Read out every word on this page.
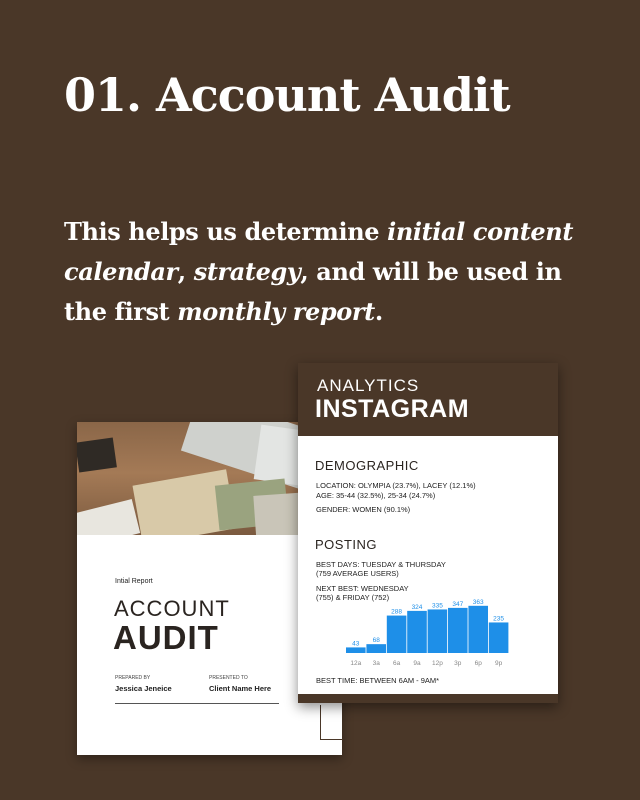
01. Account Audit

This helps us determine initial content calendar, strategy, and will be used in the first monthly report.

Intial Report
ACCOUNT
AUDIT
PREPARED BY	PRESENTED TO
Jessica Jeneice	Client Name Here
ANALYTICS
INSTAGRAM
DEMOGRAPHIC
LOCATION: OLYMPIA (23.7%), LACEY (12.1%)
AGE: 35-44 (32.5%), 25-34 (24.7%)
GENDER: WOMEN (90.1%)
POSTING
BEST DAYS: TUESDAY & THURSDAY
(759 AVERAGE USERS)
NEXT BEST: WEDNESDAY
(755) & FRIDAY (752)
43
12a
68
3a
288
6a
324
9a
335
12p
347
3p
363
6p
235
9p
BEST TIME: BETWEEN 6AM - 9AM*
